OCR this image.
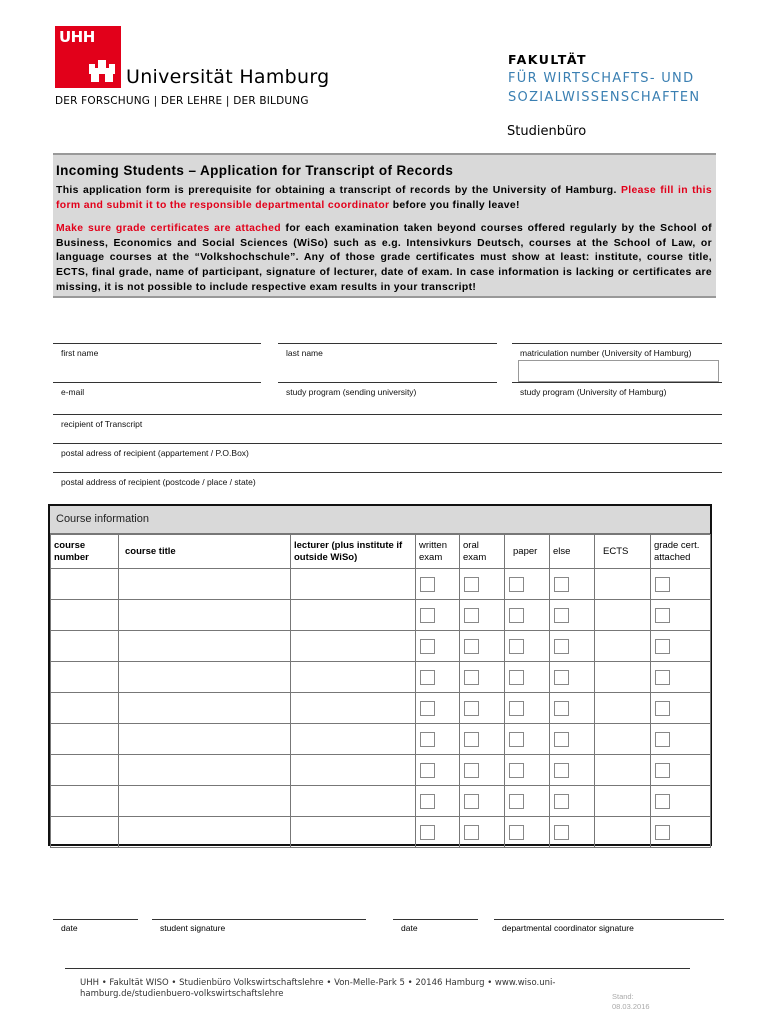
UHH
Universität Hamburg
DER FORSCHUNG | DER LEHRE | DER BILDUNG
FAKULTÄT
FÜR WIRTSCHAFTS- UND
SOZIALWISSENSCHAFTEN
Studienbüro
Incoming Students – Application for Transcript of Records

This application form is prerequisite for obtaining a transcript of records by the University of Hamburg. Please fill in this form and submit it to the responsible departmental coordinator before you finally leave!

Make sure grade certificates are attached for each examination taken beyond courses offered regularly by the School of Business, Economics and Social Sciences (WiSo) such as e.g. Intensivkurs Deutsch, courses at the School of Law, or language courses at the “Volkshochschule”. Any of those grade certificates must show at least: institute, course title, ECTS, final grade, name of participant, signature of lecturer, date of exam. In case information is lacking or certificates are missing, it is not possible to include respective exam results in your transcript!

first name	last name	matriculation number (University of Hamburg)
e-mail	study program (sending university)	study program (University of Hamburg)
recipient of Transcript
postal adress of recipient (appartement / P.O.Box)
postal address of recipient (postcode / place / state)
Course information
course number	course title	lecturer (plus institute if outside WiSo)	written exam	oral exam	paper	else	ECTS	grade cert. attached

date	student signature	date	departmental coordinator signature
UHH • Fakultät WISO • Studienbüro Volkswirtschaftslehre • Von-Melle-Park 5 • 20146 Hamburg • www.wiso.uni-hamburg.de/studienbuero-volkswirtschaftslehre	Stand:
08.03.2016
